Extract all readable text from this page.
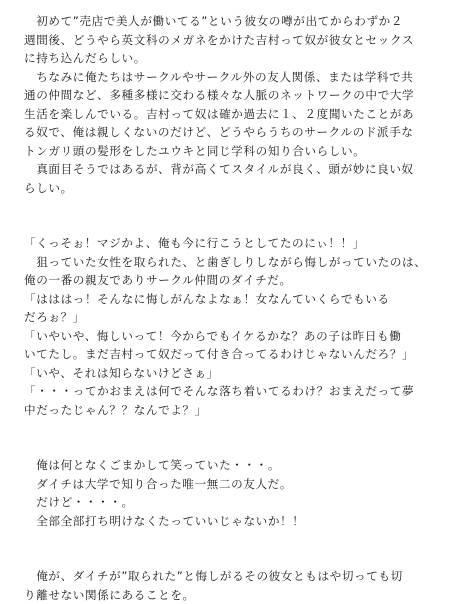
　初めて”売店で美人が働いてる”という彼女の噂が出てからわずか２
週間後、どうやら英文科のメガネをかけた吉村って奴が彼女とセックス
に持ち込んだらしい。
　ちなみに俺たちはサークルやサークル外の友人関係、または学科で共
通の仲間など、多種多様に交わる様々な人脈のネットワークの中で大学
生活を楽しんでいる。吉村って奴は確か過去に１、２度聞いたことがあ
る奴で、俺は親しくないのだけど、どうやらうちのサークルのド派手な
トンガリ頭の髪形をしたユウキと同じ学科の知り合いらしい。
　真面目そうではあるが、背が高くてスタイルが良く、頭が妙に良い奴
らしい。
「くっそぉ！マジかよ、俺も今に行こうとしてたのにぃ！！」
　狙っていた女性を取られた、と歯ぎしりしながら悔しがっていたのは、
俺の一番の親友でありサークル仲間のダイチだ。
「はははっ！そんなに悔しがんなよなぁ！女なんていくらでもいる
だろぉ？」
「いやいや、悔しいって！今からでもイケるかな？あの子は昨日も働
いてたし。まだ吉村って奴だって付き合ってるわけじゃないんだろ？」
「いや、それは知らないけどさぁ」
「・・・ってかおまえは何でそんな落ち着いてるわけ？おまえだって夢
中だったじゃん？？なんでよ？」
　俺は何となくごまかして笑っていた・・・。
　ダイチは大学で知り合った唯一無二の友人だ。
　だけど・・・・。
　全部全部打ち明けなくたっていいじゃないか！！
　俺が、ダイチが”取られた”と悔しがるその彼女ともはや切っても切
り離せない関係にあることを。
